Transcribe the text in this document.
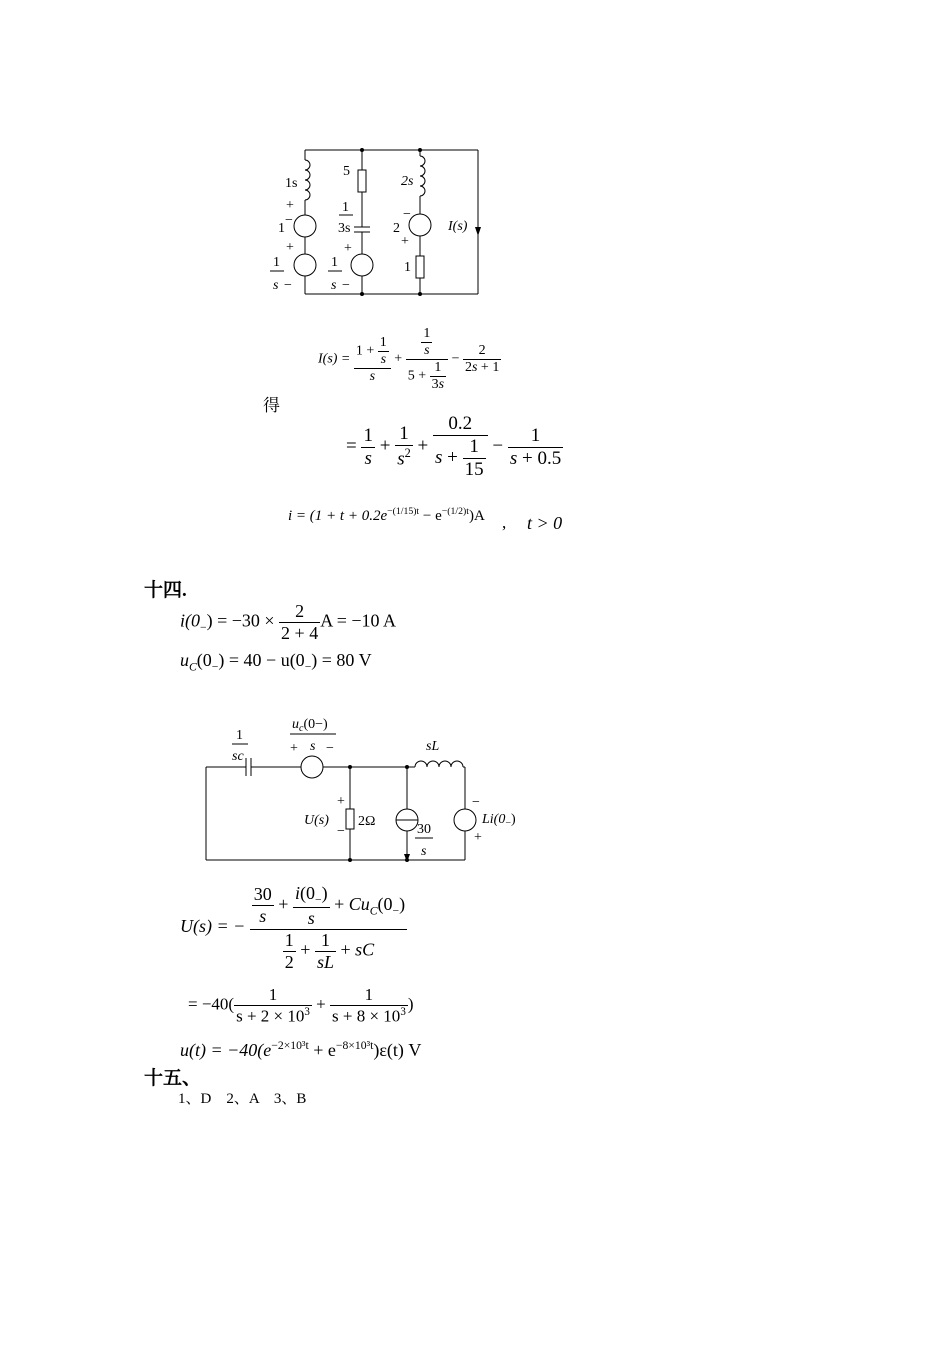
1s
5
2s
+
1
−
+
1
3s
+
−
2
+
I(s)
1
1
s −
1
s −
$I(s) = \frac{1 + \frac{1}{s}}{s} + \frac{\frac{1}{s}}{5 + \frac{1}{3s}} - \frac{2}{2s + 1}$
得
= $\frac{1}{s} + \frac{1}{s^2} + \frac{0.2}{s + \frac{1}{15}} - \frac{1}{s + 0.5}$
$i = (1 + t + 0.2e^{-(1/15)t} - e^{-(1/2)t})A$ , t > 0
十四.
$i(0_-) = -30 \times \frac{2}{2 + 4}$ A = −10 A
$u_C(0_-) = 40 - u(0_-) = 80$ V
1
sc
$u_c(0-)$
+ s −	sL
+
U(s)
−
2Ω
30
s
−
$Li(0_-)$
+
U(s) = − $\frac{\frac{30}{s} + \frac{i(0_-)}{s} + Cu_C(0_-)}{\frac{1}{2} + \frac{1}{sL} + sC}$
= $-40( \frac{1}{s + 2 \times 10^3} + \frac{1}{s + 8 \times 10^3}$ )
$u(t) = -40(e^{-2\times 10^3t} + e^{-8\times 10^3t})\varepsilon(t)$ V
十五、
1、D　2、A　3、B
